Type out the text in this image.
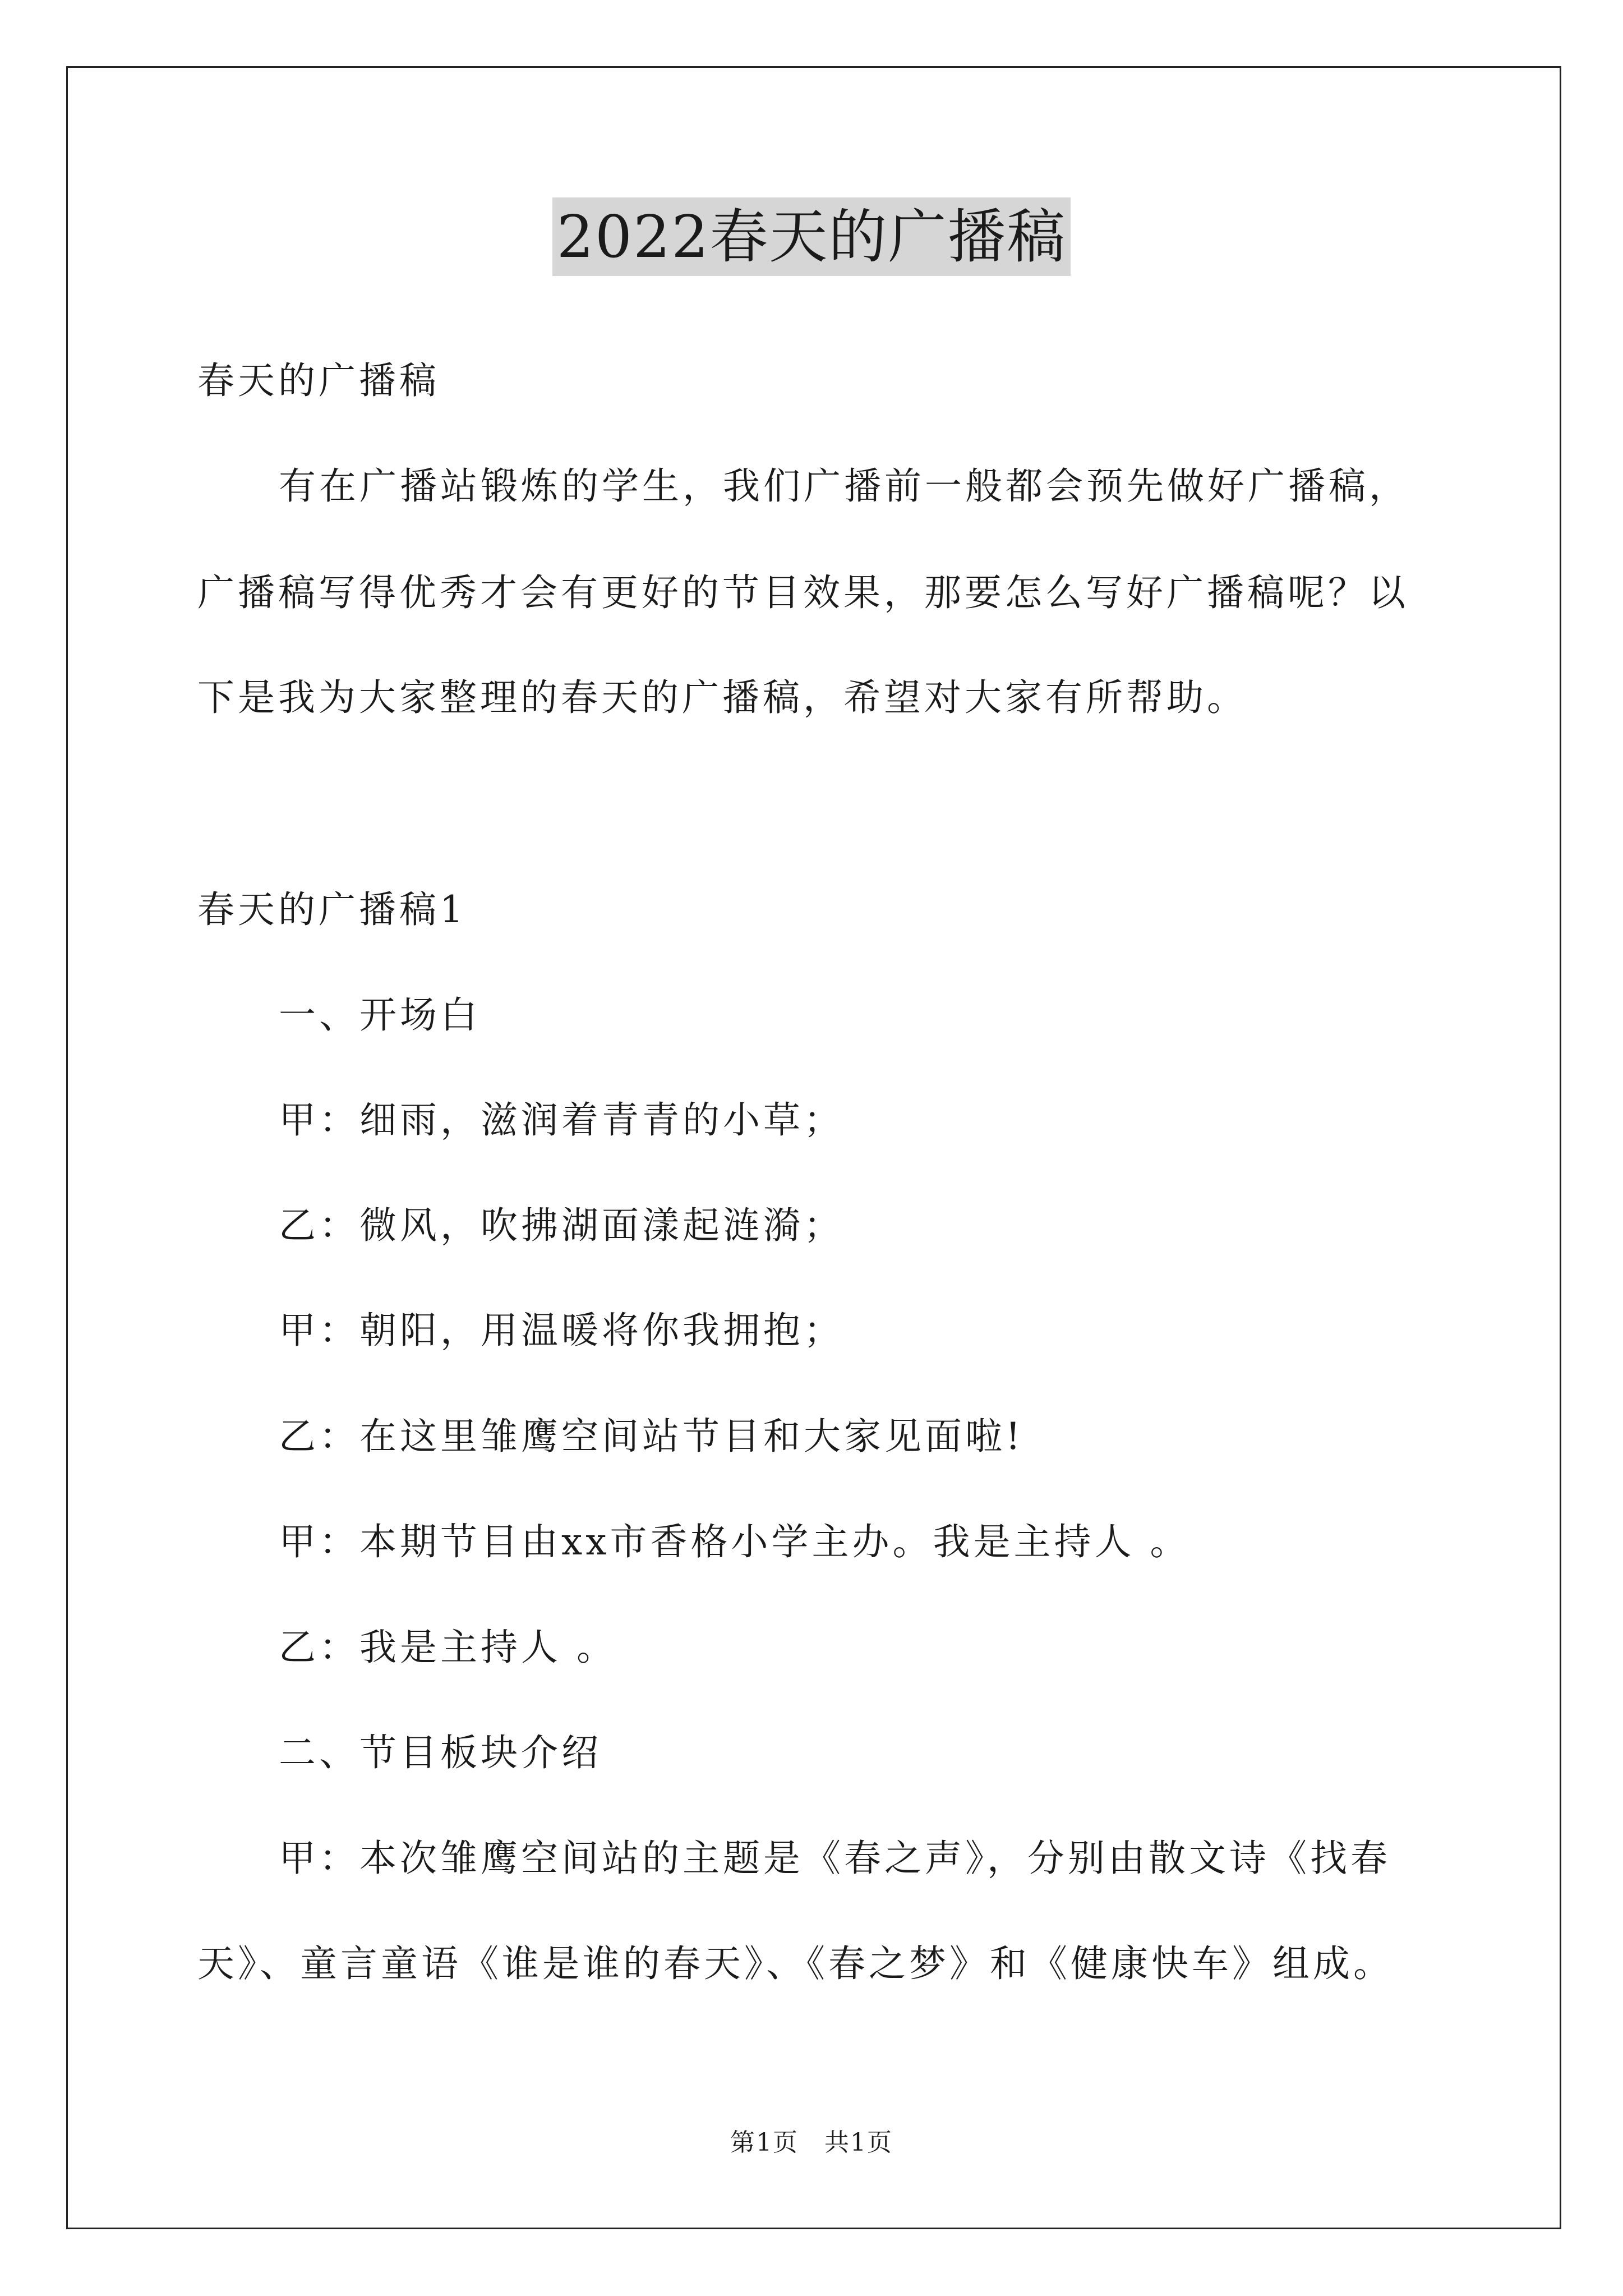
2022春天的广播稿
春天的广播稿
有在广播站锻炼的学生，我们广播前一般都会预先做好广播稿，
广播稿写得优秀才会有更好的节目效果，那要怎么写好广播稿呢？以
下是我为大家整理的春天的广播稿，希望对大家有所帮助。
春天的广播稿1
一、开场白
甲：细雨，滋润着青青的小草；
乙：微风，吹拂湖面漾起涟漪；
甲：朝阳，用温暖将你我拥抱；
乙：在这里雏鹰空间站节目和大家见面啦!
甲：本期节目由xx市香格小学主办。我是主持人 。
乙：我是主持人 。
二、节目板块介绍
甲：本次雏鹰空间站的主题是《春之声》，分别由散文诗《找春
天》、童言童语《谁是谁的春天》、《春之梦》和《健康快车》组成。
第1页　共1页
